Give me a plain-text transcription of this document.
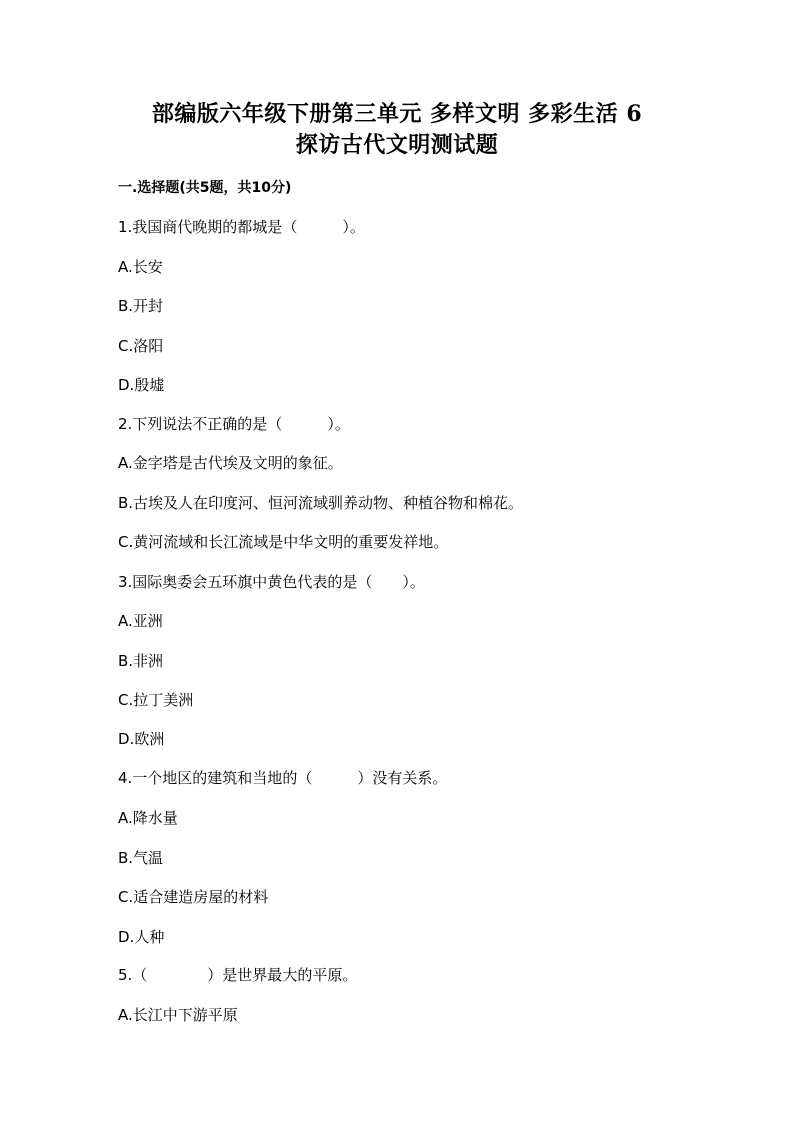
部编版六年级下册第三单元 多样文明 多彩生活 6
探访古代文明测试题
一.选择题(共5题，共10分)
1.我国商代晚期的都城是（　　　）。
A.长安
B.开封
C.洛阳
D.殷墟
2.下列说法不正确的是（　　　）。
A.金字塔是古代埃及文明的象征。
B.古埃及人在印度河、恒河流域驯养动物、种植谷物和棉花。
C.黄河流域和长江流域是中华文明的重要发祥地。
3.国际奥委会五环旗中黄色代表的是（　　）。
A.亚洲
B.非洲
C.拉丁美洲
D.欧洲
4.一个地区的建筑和当地的（　　　）没有关系。
A.降水量
B.气温
C.适合建造房屋的材料
D.人种
5.（　　　　）是世界最大的平原。
A.长江中下游平原
